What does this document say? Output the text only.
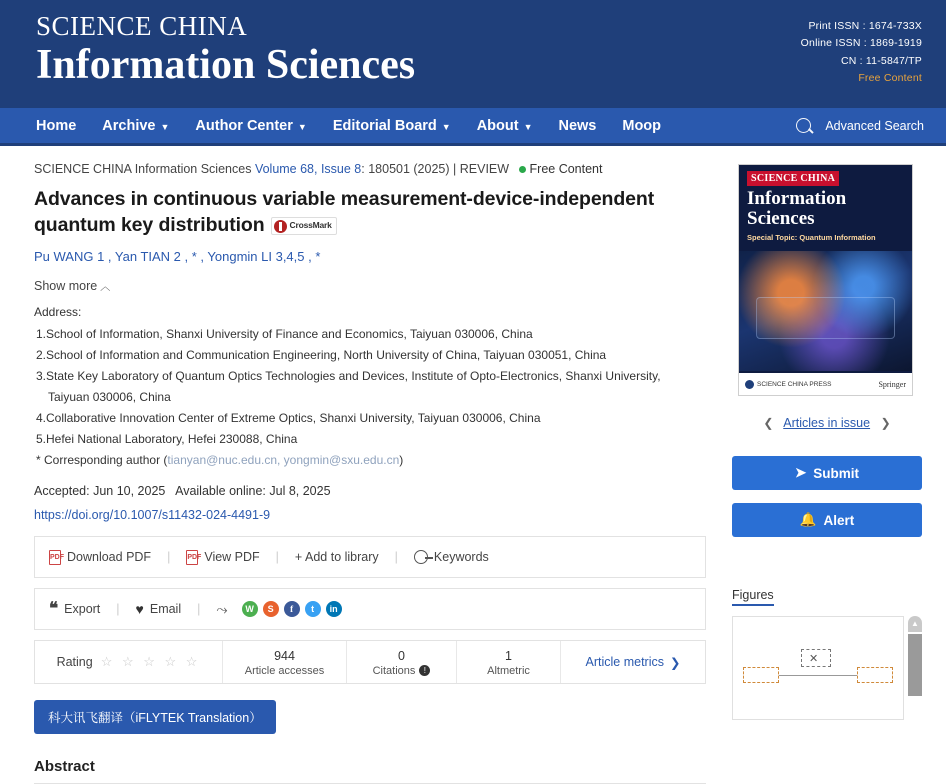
SCIENCE CHINA
Information Sciences
Print ISSN : 1674-733X
Online ISSN : 1869-1919
CN : 11-5847/TP
Free Content
Home Archive ▼ Author Center ▼ Editorial Board ▼ About ▼ News Moop	Advanced Search
SCIENCE CHINA Information Sciences Volume 68, Issue 8: 180501 (2025) | REVIEW Free Content
Advances in continuous variable measurement-device-independent quantum key distribution	CrossMark
Pu WANG 1 , Yan TIAN 2 , * , Yongmin LI 3,4,5 , *
Show more ︿
Address:
1.School of Information, Shanxi University of Finance and Economics, Taiyuan 030006, China
2.School of Information and Communication Engineering, North University of China, Taiyuan 030051, China
3.State Key Laboratory of Quantum Optics Technologies and Devices, Institute of Opto-Electronics, Shanxi University,
Taiyuan 030006, China
4.Collaborative Innovation Center of Extreme Optics, Shanxi University, Taiyuan 030006, China
5.Hefei National Laboratory, Hefei 230088, China
* Corresponding author (tianyan@nuc.edu.cn, yongmin@sxu.edu.cn)
Accepted: Jun 10, 2025 Available online: Jul 8, 2025
https://doi.org/10.1007/s11432-024-4491-9
PDF Download PDF | PDF View PDF | + Add to library |	Keywords
❝ Export | ♥ Email | ⤳	W	S	f	t	in
Rating ☆ ☆ ☆ ☆ ☆	944
Article accesses
0
Citations	!
1
Altmetric
Article metrics ❯
科大讯飞翻译（iFLYTEK Translation）
Abstract
SCIENCE CHINA
Information Sciences
Special Topic: Quantum Information
SCIENCE CHINA PRESS	Springer
❮ Articles in issue ❯
➤ Submit
🔔 Alert
Figures
✕
▲
